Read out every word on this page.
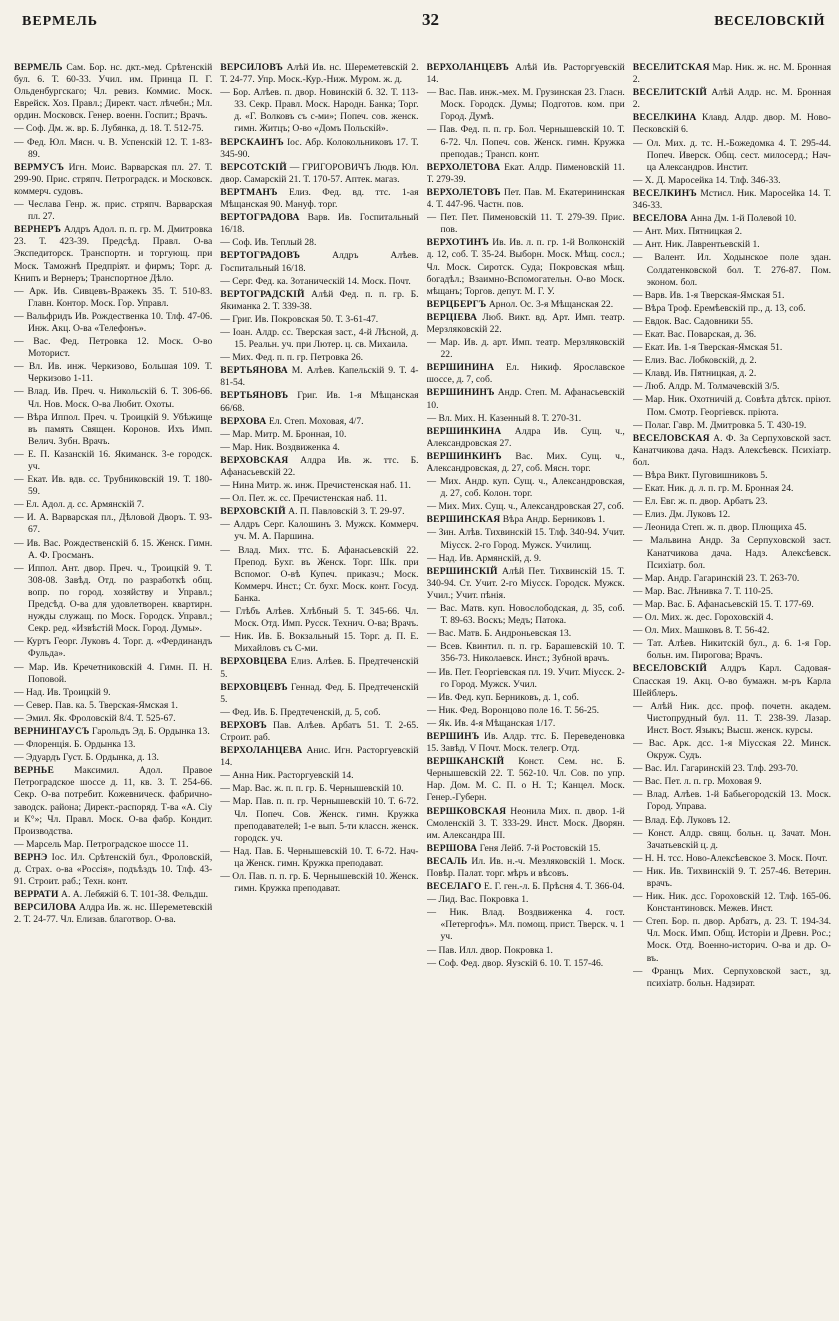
ВЕРМЕЛЬ	32	ВЕСЕЛОВСКІЙ
ВЕРМЕЛЬ Сам. Бор. нс. дкт.-мед. Срѣтенскій бул. 6. Т. 60-33. Учил. им. Принца П. Г. Ольденбургскаго; Чл. ревиз. Коммис. Моск. Еврейск. Хоз. Правл.; Директ. част. лѣчебн.; Мл. ордин. Московск. Генер. военн. Госпит.; Врачъ.
— Соф. Дм. ж. вр. Б. Лубянка, д. 18. Т. 512-75.
— Фед. Юл. Мясн. ч. В. Успенскій 12. Т. 1-83-89.
ВЕРМУСЪ Игн. Моис. Варварская пл. 27. Т. 299-90. Прис. стряпч. Петроградск. и Московск. коммерч. судовъ.
— Чеслава Генр. ж. прис. стряпч. Варварская пл. 27.
ВЕРНЕРЪ Алдръ Адол. п. п. гр. М. Дмитровка 23. Т. 423-39. Предсѣд. Правл. О-ва Экспедиторск. Транспортн. и торгующ. при Моск. Таможнѣ Предпріят. и фирмъ; Торг. д. Книпъ и Вернеръ; Транспортное Дѣло.
— Арк. Ив. Сивцевъ-Вражекъ 35. Т. 510-83. Главн. Контор. Моск. Гор. Управл.
— Вальфридъ Ив. Рождественка 10. Тлф. 47-06. Инж. Акц. О-ва «Телефонъ».
— Вас. Фед. Петровка 12. Моск. О-во Моторист.
— Вл. Ив. инж. Черкизово, Большая 109. Т. Черкизово 1-11.
— Влад. Ив. Преч. ч. Никольскій 6. Т. 306-66. Чл. Нов. Моск. О-ва Любит. Охоты.
— Вѣра Иппол. Преч. ч. Троицкій 9. Убѣжище въ память Священ. Коронов. Ихъ Имп. Велич. Зубн. Врачъ.
— Е. П. Казанскій 16. Якиманск. 3-е городск. уч.
— Екат. Ив. вдв. сс. Трубниковскій 19. Т. 180-59.
— Ел. Адол. д. сс. Армянскій 7.
— И. А. Варварская пл., Дѣловой Дворъ. Т. 93-67.
— Ив. Вас. Рождественскій б. 15. Женск. Гимн. А. Ф. Гросманъ.
— Иппол. Ант. двор. Преч. ч., Троицкій 9. Т. 308-08. Завѣд. Отд. по разработкѣ общ. вопр. по город. хозяйству и Управл.; Предсѣд. О-ва для удовлетворен. квартирн. нужды служащ. по Моск. Городск. Управл.; Секр. ред. «Извѣстій Моск. Город. Думы».
— Куртъ Георг. Луковъ 4. Торг. д. «Фердинандъ Фульда».
— Мар. Ив. Кречетниковскій 4. Гимн. П. Н. Поповой.
— Над. Ив. Троицкій 9.
— Север. Пав. ка. 5. Тверская-Ямская 1.
— Эмил. Як. Фроловскій 8/4. Т. 525-67.
ВЕРНИНГАУСЪ Гарольдъ Эд. Б. Ордынка 13.
— Флоренція. Б. Ордынка 13.
— Эдуардъ Густ. Б. Ордынка, д. 13.
ВЕРНЬЕ Максимил. Адол. Правое Петроградское шоссе д. 11, кв. 3. Т. 254-66. Секр. О-ва потребит. Кожевническ. фабрично-заводск. района; Директ.-распоряд. Т-ва «А. Сіу и К°»; Чл. Правл. Моск. О-ва фабр. Кондит. Производства.
— Марсель Мар. Петроградское шоссе 11.
ВЕРНЭ Іос. Ил. Срѣтенскій бул., Фроловскій, д. Страх. о-ва «Россія», подъѣздъ 10. Тлф. 43-91. Строит. раб.; Техн. конт.
ВЕРРАТИ А. А. Лебяжій 6. Т. 101-38. Фельдш.
ВЕРСИЛОВА Алдра Ив. ж. нс. Шереметевскій 2. Т. 24-77. Чл. Елизав. благотвор. О-ва.
ВЕРСИЛОВЪ Алѣй Ив. нс. Шереметевскій 2. Т. 24-77. Упр. Моск.-Кур.-Ниж. Муром. ж. д.
— Бор. Алѣев. п. двор. Новинскій б. 32. Т. 113-33. Секр. Правл. Моск. Народн. Банка; Торг. д. «Г. Волковъ съ с-ми»; Попеч. сов. женск. гимн. Житцъ; О-во «Домъ Польскій».
ВЕРСКАИНЪ Іос. Абр. Колокольниковъ 17. Т. 345-90.
ВЕРСОТСКІЙ — ГРИГОРОВИЧЪ Людв. Юл. двор. Самарскій 21. Т. 170-57. Аптек. магаз.
ВЕРТМАНЪ Елиз. Фед. вд. ттс. 1-ая Мѣщанская 90. Мануф. торг.
ВЕРТОГРАДОВА Варв. Ив. Госпитальный 16/18.
— Соф. Ив. Теплый 28.
ВЕРТОГРАДОВЪ Алдръ Алѣев. Госпитальный 16/18.
— Серг. Фед. ка. Зотаническій 14. Моск. Почт.
ВЕРТОГРАДСКІЙ Алѣй Фед. п. п. гр. Б. Якиманка 2. Т. 339-38.
— Григ. Ив. Покровская 50. Т. 3-61-47.
— Іоан. Алдр. сс. Тверская заст., 4-й Лѣсной, д. 15. Реальн. уч. при Лютер. ц. св. Михаила.
— Мих. Фед. п. п. гр. Петровка 26.
ВЕРТЬЯНОВА М. Алѣев. Капельскій 9. Т. 4-81-54.
ВЕРТЬЯНОВЪ Григ. Ив. 1-я Мѣщанская 66/68.
ВЕРХОВА Ел. Степ. Моховая, 4/7.
— Мар. Митр. М. Бронная, 10.
— Мар. Ник. Воздвиженка 4.
ВЕРХОВСКАЯ Алдра Ив. ж. ттс. Б. Афанасьевскій 22.
— Нина Митр. ж. инж. Пречистенская наб. 11.
— Ол. Пет. ж. сс. Пречистенская наб. 11.
ВЕРХОВСКІЙ А. П. Павловскій 3. Т. 29-97.
— Алдръ Серг. Калошинъ 3. Мужск. Коммерч. уч. М. А. Паршина.
— Влад. Мих. ттс. Б. Афанасьевскій 22. Препод. Бухг. въ Женск. Торг. Шк. при Вспомог. О-вѣ Купеч. приказч.; Моск. Коммерч. Инст.; Ст. бухг. Моск. конт. Госуд. Банка.
— Глѣбъ Алѣев. Хлѣбный 5. Т. 345-66. Чл. Моск. Отд. Имп. Русск. Технич. О-ва; Врачъ.
— Ник. Ив. Б. Вокзальный 15. Торг. д. П. Е. Михайловъ съ С-ми.
ВЕРХОВЦЕВА Елиз. Алѣев. Б. Предтеченскій 5.
ВЕРХОВЦЕВЪ Геннад. Фед. Б. Предтеченскій 5.
— Фед. Ив. Б. Предтеченскій, д. 5, соб.
ВЕРХОВЪ Пав. Алѣев. Арбатъ 51. Т. 2-65. Строит. раб.
ВЕРХОЛАНЦЕВА Анис. Игн. Расторгуевскій 14.
— Анна Ник. Расторгуевскій 14.
— Мар. Вас. ж. п. п. гр. Б. Чернышевскій 10.
— Мар. Пав. п. п. гр. Чернышевскій 10. Т. 6-72. Чл. Попеч. Сов. Женск. гимн. Кружка преподавателей; 1-е вып. 5-ти классн. женск. городск. уч.
— Над. Пав. Б. Чернышевскій 10. Т. 6-72. Нач-ца Женск. гимн. Кружка преподават.
— Ол. Пав. п. п. гр. Б. Чернышевскій 10. Женск. гимн. Кружка преподават.
ВЕРХОЛАНЦЕВЪ Алѣй Ив. Расторгуевскій 14.
— Вас. Пав. инж.-мех. М. Грузинская 23. Гласн. Моск. Городск. Думы; Подготов. ком. при Город. Думѣ.
— Пав. Фед. п. п. гр. Бол. Чернышевскій 10. Т. 6-72. Чл. Попеч. сов. Женск. гимн. Кружка преподав.; Трансп. конт.
ВЕРХОЛЕТОВА Екат. Алдр. Пименовскій 11. Т. 279-39.
ВЕРХОЛЕТОВЪ Пет. Пав. М. Екатерининская 4. Т. 447-96. Частн. пов.
— Пет. Пет. Пименовскій 11. Т. 279-39. Прис. пов.
ВЕРХОТИНЪ Ив. Ив. л. п. гр. 1-й Волконскій д. 12, соб. Т. 35-24. Выборн. Моск. Мѣщ. сосл.; Чл. Моск. Сиротск. Суда; Покровская мѣщ. богадѣл.; Взаимно-Вспомогательн. О-во Моск. мѣщанъ; Торгов. депут. М. Г. У.
ВЕРЦБЕРГЪ Арнол. Ос. 3-я Мѣщанская 22.
ВЕРЦІЕВА Люб. Викт. вд. Арт. Имп. театр. Мерзляковскій 22.
— Мар. Ив. д. арт. Имп. театр. Мерзляковскій 22.
ВЕРШИНИНА Ел. Никиф. Ярославское шоссе, д. 7, соб.
ВЕРШИНИНЪ Андр. Степ. М. Афанасьевскій 10.
— Вл. Мих. Н. Казенный 8. Т. 270-31.
ВЕРШИНКИНА Алдра Ив. Сущ. ч., Александровская 27.
ВЕРШИНКИНЪ Вас. Мих. Сущ. ч., Александровская, д. 27, соб. Мясн. торг.
— Мих. Андр. куп. Сущ. ч., Александровская, д. 27, соб. Колон. торг.
— Мих. Мих. Сущ. ч., Александровская 27, соб.
ВЕРШИНСКАЯ Вѣра Андр. Берниковъ 1.
— Зин. Алѣв. Тихвинскій 15. Тлф. 340-94. Учит. Міусск. 2-го Город. Мужск. Училищ.
— Над. Ив. Армянскій, д. 9.
ВЕРШИНСКІЙ Алѣй Пет. Тихвинскій 15. Т. 340-94. Ст. Учит. 2-го Міусск. Городск. Мужск. Учил.; Учит. пѣнія.
— Вас. Матв. куп. Новослободская, д. 35, соб. Т. 89-63. Воскъ; Медъ; Патока.
— Вас. Матв. Б. Андроньевская 13.
— Всев. Квинтил. п. п. гр. Барашевскій 10. Т. 356-73. Николаевск. Инст.; Зубной врачъ.
— Ив. Пет. Георгіевская пл. 19. Учит. Міусск. 2-го Город. Мужск. Учил.
— Ив. Фед. куп. Берниковъ, д. 1, соб.
— Ник. Фед. Воронцово поле 16. Т. 56-25.
— Як. Ив. 4-я Мѣщанская 1/17.
ВЕРШИНЪ Ив. Алдр. ттс. Б. Переведеновка 15. Завѣд. V Почт. Моск. телегр. Отд.
ВЕРШКАНСКІЙ Конст. Сем. нс. Б. Чернышевскій 22. Т. 562-10. Чл. Сов. по упр. Нар. Дом. М. С. П. о Н. Т.; Канцел. Моск. Генер.-Губерн.
ВЕРШКОВСКАЯ Неонила Мих. п. двор. 1-й Смоленскій 3. Т. 333-29. Инст. Моск. Дворян. им. Александра III.
ВЕРШОВА Геня Лейб. 7-й Ростовскій 15.
ВЕСАЛЬ Ил. Ив. н.-ч. Мезляковскій 1. Моск. Повѣр. Палат. торг. мѣръ и вѣсовъ.
ВЕСЕЛАГО Е. Г. ген.-л. Б. Прѣсня 4. Т. 366-04.
— Лид. Вас. Покровка 1.
— Ник. Влад. Воздвиженка 4. гост. «Петергофъ». Мл. помощ. прист. Тверск. ч. 1 уч.
— Пав. Илл. двор. Покровка 1.
— Соф. Фед. двор. Яузскій 6. 10. Т. 157-46.
ВЕСЕЛИТСКАЯ Мар. Ник. ж. нс. М. Бронная 2.
ВЕСЕЛИТСКІЙ Алѣй Алдр. нс. М. Бронная 2.
ВЕСЕЛКИНА Клавд. Алдр. двор. М. Ново-Песковскій 6.
— Ол. Мих. д. тс. Н.-Божедомка 4. Т. 295-44. Попеч. Иверск. Общ. сест. милосерд.; Нач-ца Александров. Инстит.
— Х. Д. Маросейка 14. Тлф. 346-33.
ВЕСЕЛКИНЪ Мстисл. Ник. Маросейка 14. Т. 346-33.
ВЕСЕЛОВА Анна Дм. 1-й Полевой 10.
— Ант. Мих. Пятницкая 2.
— Ант. Ник. Лаврентьевскій 1.
— Валент. Ил. Ходынское поле здан. Солдатенковской бол. Т. 276-87. Пом. эконом. бол.
— Варв. Ив. 1-я Тверская-Ямская 51.
— Вѣра Троф. Еремѣевскій пр., д. 13, соб.
— Евдок. Вас. Садовники 55.
— Екат. Вас. Поварская, д. 36.
— Екат. Ив. 1-я Тверская-Ямская 51.
— Елиз. Вас. Лобковскій, д. 2.
— Клавд. Ив. Пятницкая, д. 2.
— Люб. Алдр. М. Толмачевскій 3/5.
— Мар. Ник. Охотничій д. Совѣта дѣтск. пріют. Пом. Смотр. Георгіевск. пріюта.
— Полаг. Гавр. М. Дмитровка 5. Т. 430-19.
ВЕСЕЛОВСКАЯ А. Ф. За Серпуховской заст. Канатчикова дача. Надз. Алексѣевск. Психіатр. бол.
— Вѣра Викт. Пуговишниковъ 5.
— Екат. Ник. д. л. п. гр. М. Бронная 24.
— Ел. Евг. ж. п. двор. Арбатъ 23.
— Елиз. Дм. Луковъ 12.
— Леонида Степ. ж. п. двор. Плющиха 45.
— Мальвина Андр. За Серпуховской заст. Канатчикова дача. Надз. Алексѣевск. Психіатр. бол.
— Мар. Андр. Гагаринскій 23. Т. 263-70.
— Мар. Вас. Лѣнивка 7. Т. 110-25.
— Мар. Вас. Б. Афанасьевскій 15. Т. 177-69.
— Ол. Мих. ж. дес. Гороховскій 4.
— Ол. Мих. Машковъ 8. Т. 56-42.
— Тат. Алѣев. Никитскій бул., д. 6. 1-я Гор. больн. им. Пирогова; Врачъ.
ВЕСЕЛОВСКІЙ Алдръ Карл. Садовая-Спасская 19. Акц. О-во бумажн. м-ръ Карла Шейблеръ.
— Алѣй Ник. дсс. проф. почетн. академ. Чистопрудный бул. 11. Т. 238-39. Лазар. Инст. Вост. Языкъ; Высш. женск. курсы.
— Вас. Арк. дсс. 1-я Міусская 22. Минск. Окруж. Судъ.
— Вас. Ил. Гагаринскій 23. Тлф. 293-70.
— Вас. Пет. л. п. гр. Моховая 9.
— Влад. Алѣев. 1-й Бабьегородскій 13. Моск. Город. Управа.
— Влад. Еф. Луковъ 12.
— Конст. Алдр. свящ. больн. ц. Зачат. Мон. Зачатьевскій ц. д.
— Н. Н. тсс. Ново-Алексѣевское 3. Моск. Почт.
— Ник. Ив. Тихвинскій 9. Т. 257-46. Ветерин. врачъ.
— Ник. Ник. дсс. Гороховскій 12. Тлф. 165-06. Константиновск. Межев. Инст.
— Степ. Бор. п. двор. Арбатъ, д. 23. Т. 194-34. Чл. Моск. Имп. Общ. Исторіи и Древн. Рос.; Моск. Отд. Военно-историч. О-ва и др. О-въ.
— Францъ Мих. Серпуховской заст., зд. психіатр. больн. Надзират.
